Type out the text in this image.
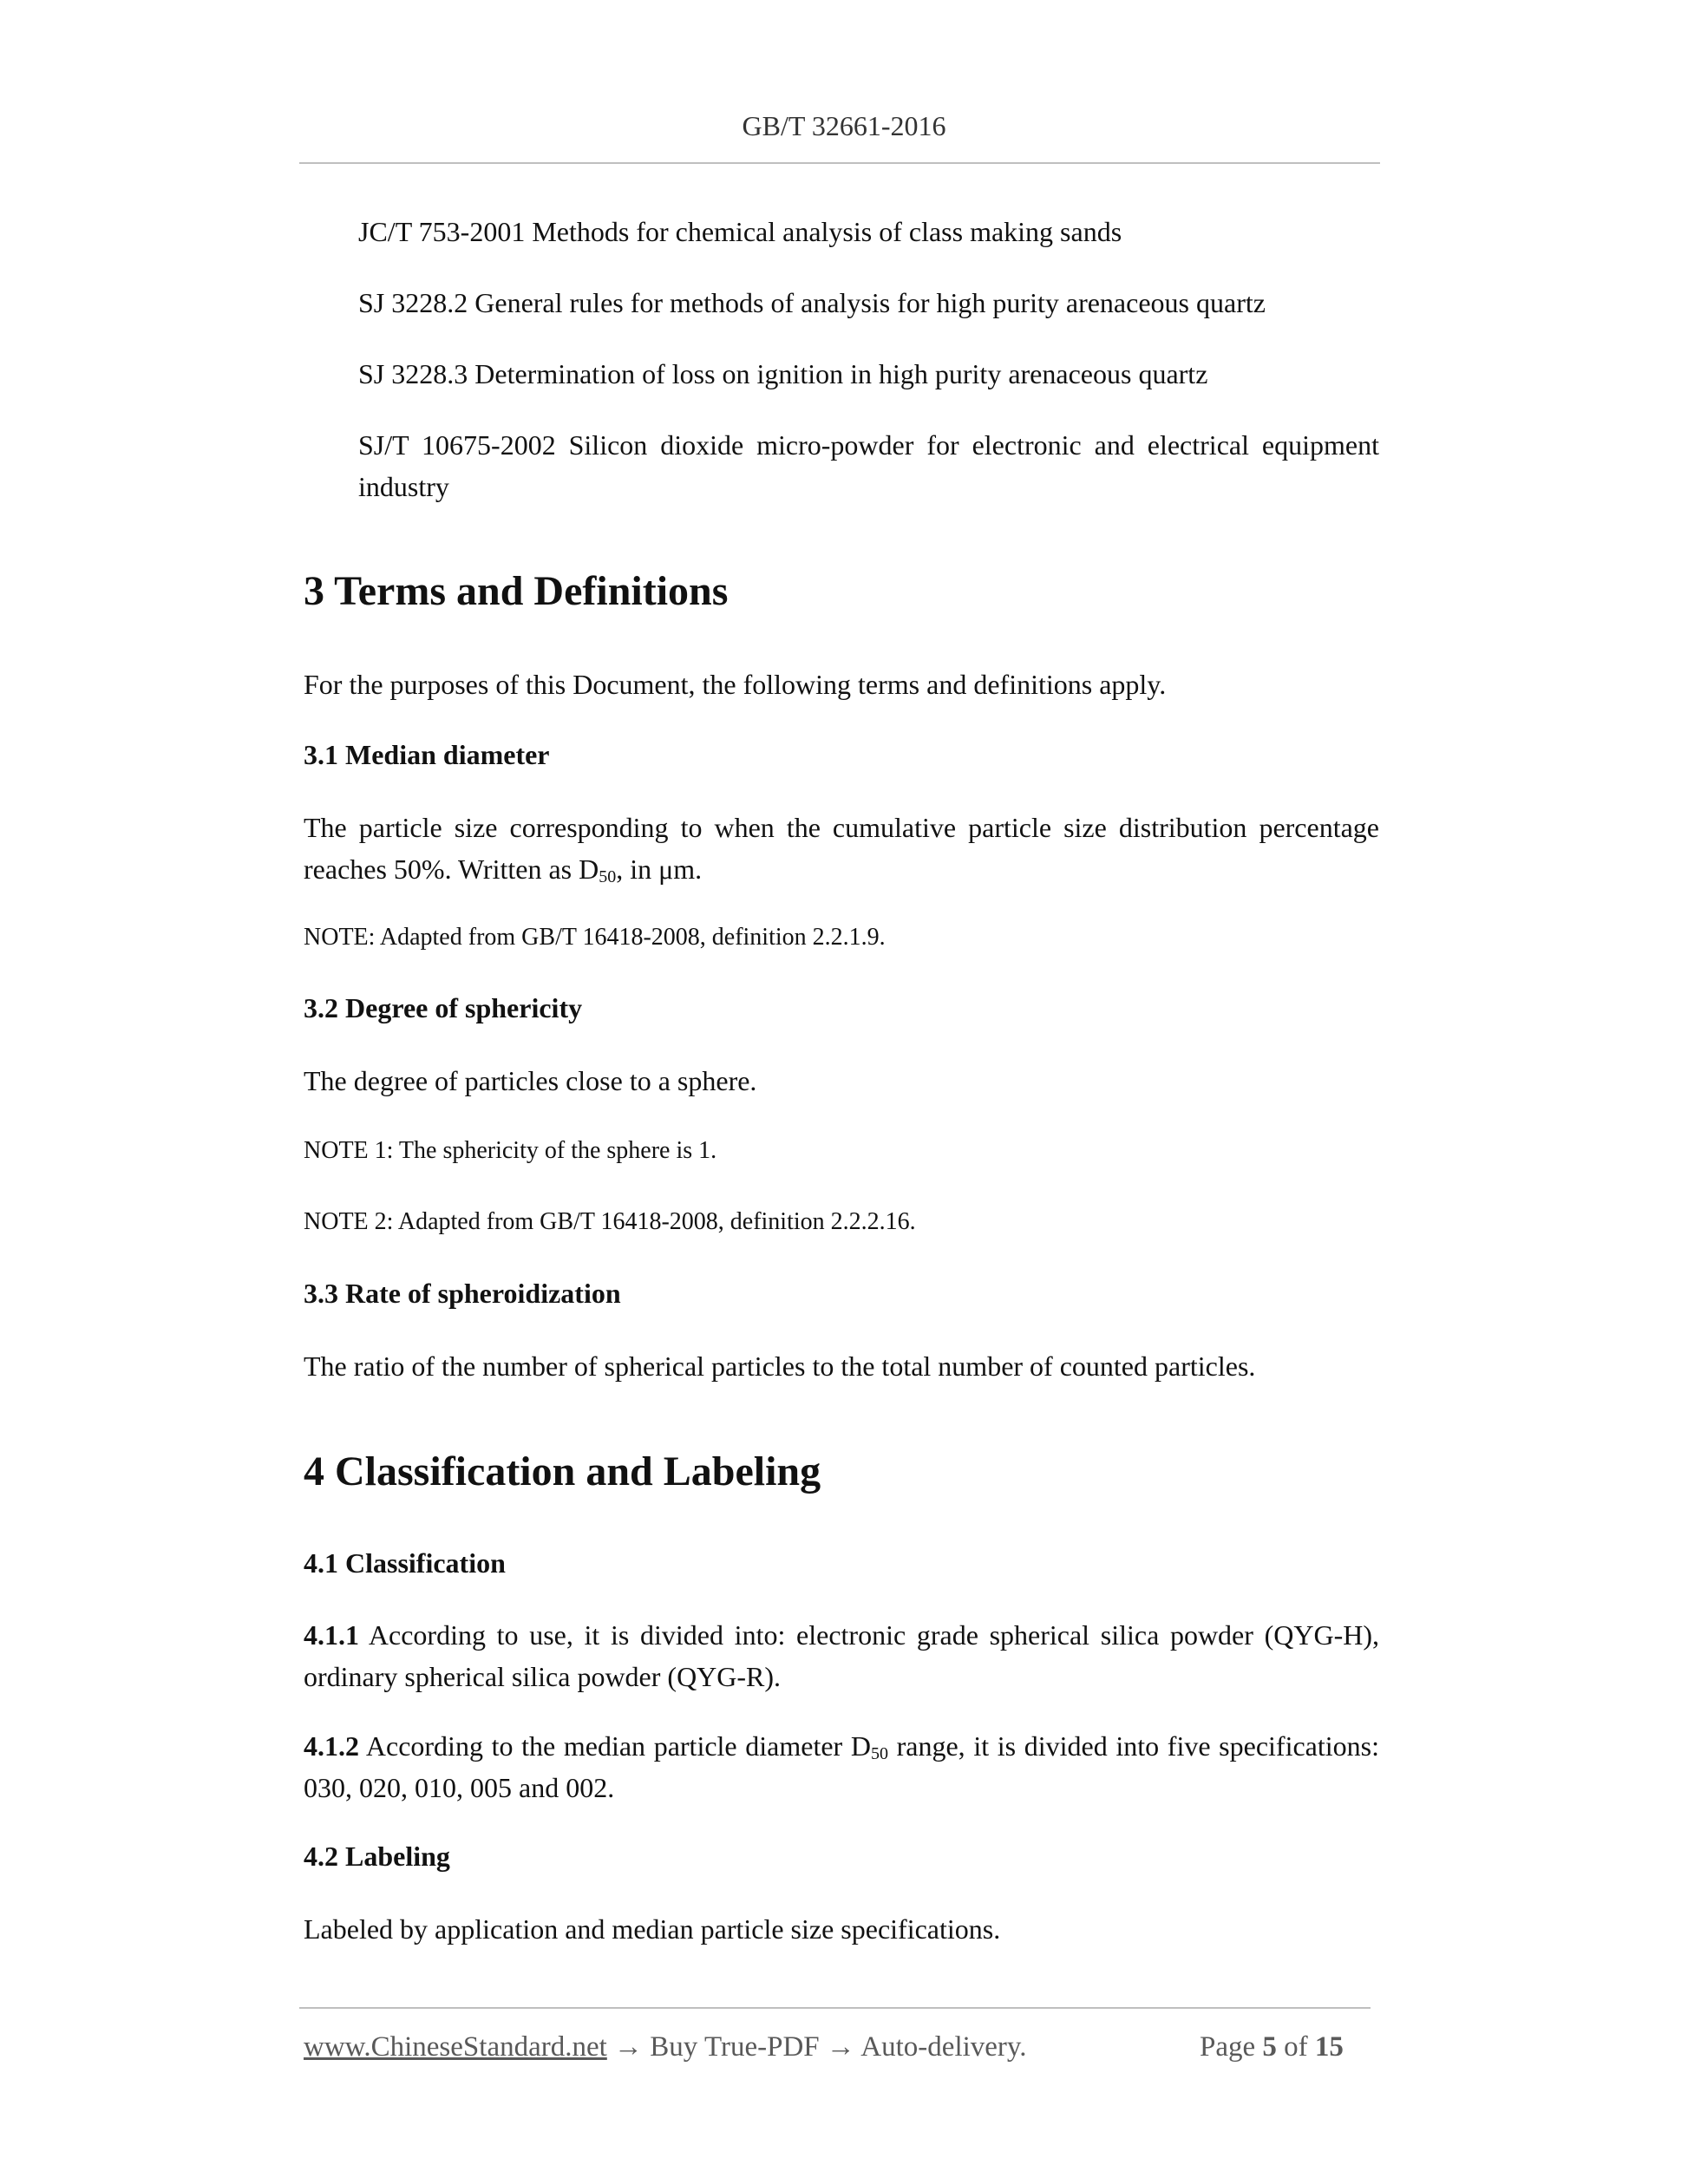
GB/T 32661-2016
JC/T 753-2001 Methods for chemical analysis of class making sands
SJ 3228.2 General rules for methods of analysis for high purity arenaceous quartz
SJ 3228.3 Determination of loss on ignition in high purity arenaceous quartz
SJ/T 10675-2002 Silicon dioxide micro-powder for electronic and electrical equipment industry
3 Terms and Definitions
For the purposes of this Document, the following terms and definitions apply.
3.1 Median diameter
The particle size corresponding to when the cumulative particle size distribution percentage reaches 50%. Written as $D_{50}$, in μm.
NOTE: Adapted from GB/T 16418-2008, definition 2.2.1.9.
3.2 Degree of sphericity
The degree of particles close to a sphere.
NOTE 1: The sphericity of the sphere is 1.
NOTE 2: Adapted from GB/T 16418-2008, definition 2.2.2.16.
3.3 Rate of spheroidization
The ratio of the number of spherical particles to the total number of counted particles.
4 Classification and Labeling
4.1 Classification
4.1.1 According to use, it is divided into: electronic grade spherical silica powder (QYG-H), ordinary spherical silica powder (QYG-R).
4.1.2 According to the median particle diameter $D_{50}$ range, it is divided into five specifications: 030, 020, 010, 005 and 002.
4.2 Labeling
Labeled by application and median particle size specifications.
www.ChineseStandard.net → Buy True-PDF → Auto-delivery.	Page 5 of 15
